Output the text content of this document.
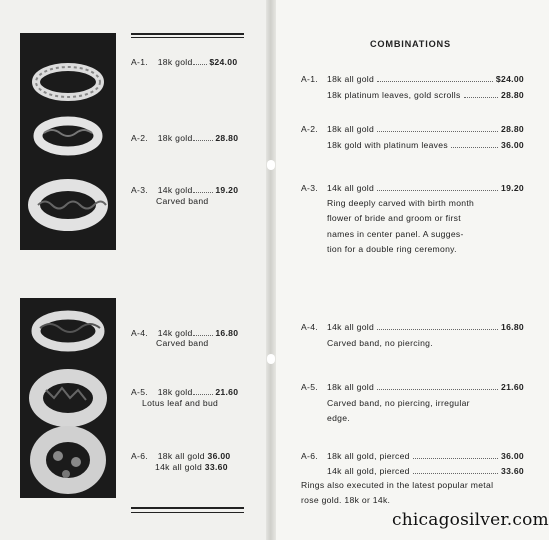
A-1. 18k gold $24.00
A-2. 18k gold	28.80
A-3. 14k gold	19.20
Carved band
A-4. 14k gold	16.80
Carved band
A-5. 18k gold	21.60
Lotus leaf and bud
A-6. 18k all gold 36.00
14k all gold 33.60
COMBINATIONS
A-1.	18k all gold	$24.00
18k platinum leaves, gold scrolls	28.80
A-2.	18k all gold	28.80
18k gold with platinum leaves	36.00
A-3.	14k all gold	19.20
Ring deeply carved with birth month
flower of bride and groom or first
names in center panel. A sugges-
tion for a double ring ceremony.
A-4.	14k all gold	16.80
Carved band, no piercing.
A-5.	18k all gold	21.60
Carved band, no piercing, irregular
edge.
A-6.	18k all gold, pierced	36.00
14k all gold, pierced	33.60
Rings also executed in the latest popular metal
rose gold. 18k or 14k.
chicagosilver.com
